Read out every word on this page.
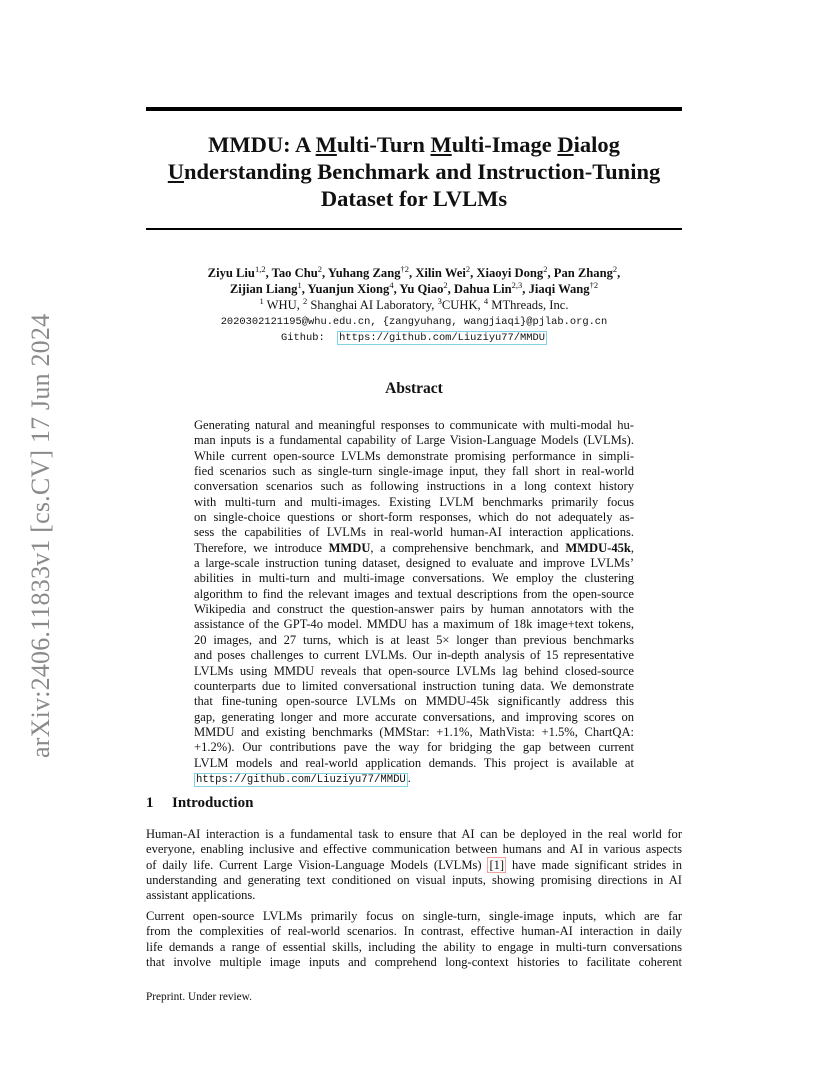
arXiv:2406.11833v1 [cs.CV] 17 Jun 2024
MMDU: A Multi-Turn Multi-Image Dialog
Understanding Benchmark and Instruction-Tuning
Dataset for LVLMs
Ziyu Liu$^{1,2}$, Tao Chu$^2$, Yuhang Zang$^{\dagger 2}$, Xilin Wei$^2$, Xiaoyi Dong$^2$, Pan Zhang$^2$,
Zijian Liang$^1$, Yuanjun Xiong$^4$, Yu Qiao$^2$, Dahua Lin$^{2,3}$, Jiaqi Wang$^{\dagger 2}$
$^1$ WHU, $^2$ Shanghai AI Laboratory, $^3$CUHK, $^4$ MThreads, Inc.
2020302121195@whu.edu.cn, {zangyuhang, wangjiaqi}@pjlab.org.cn
Github:  https://github.com/Liuziyu77/MMDU
Abstract
Generating natural and meaningful responses to communicate with multi-modal hu-
man inputs is a fundamental capability of Large Vision-Language Models (LVLMs).
While current open-source LVLMs demonstrate promising performance in simpli-
fied scenarios such as single-turn single-image input, they fall short in real-world
conversation scenarios such as following instructions in a long context history
with multi-turn and multi-images. Existing LVLM benchmarks primarily focus
on single-choice questions or short-form responses, which do not adequately as-
sess the capabilities of LVLMs in real-world human-AI interaction applications.
Therefore, we introduce MMDU, a comprehensive benchmark, and MMDU-45k,
a large-scale instruction tuning dataset, designed to evaluate and improve LVLMs’
abilities in multi-turn and multi-image conversations. We employ the clustering
algorithm to find the relevant images and textual descriptions from the open-source
Wikipedia and construct the question-answer pairs by human annotators with the
assistance of the GPT-4o model. MMDU has a maximum of 18k image+text tokens,
20 images, and 27 turns, which is at least 5× longer than previous benchmarks
and poses challenges to current LVLMs. Our in-depth analysis of 15 representative
LVLMs using MMDU reveals that open-source LVLMs lag behind closed-source
counterparts due to limited conversational instruction tuning data. We demonstrate
that fine-tuning open-source LVLMs on MMDU-45k significantly address this
gap, generating longer and more accurate conversations, and improving scores on
MMDU and existing benchmarks (MMStar: +1.1%, MathVista: +1.5%, ChartQA:
+1.2%). Our contributions pave the way for bridging the gap between current
LVLM models and real-world application demands. This project is available at
https://github.com/Liuziyu77/MMDU .
1 Introduction
Human-AI interaction is a fundamental task to ensure that AI can be deployed in the real world for
everyone, enabling inclusive and effective communication between humans and AI in various aspects
of daily life. Current Large Vision-Language Models (LVLMs) [1] have made significant strides in
understanding and generating text conditioned on visual inputs, showing promising directions in AI
assistant applications.
Current open-source LVLMs primarily focus on single-turn, single-image inputs, which are far
from the complexities of real-world scenarios. In contrast, effective human-AI interaction in daily
life demands a range of essential skills, including the ability to engage in multi-turn conversations
that involve multiple image inputs and comprehend long-context histories to facilitate coherent
Preprint. Under review.
